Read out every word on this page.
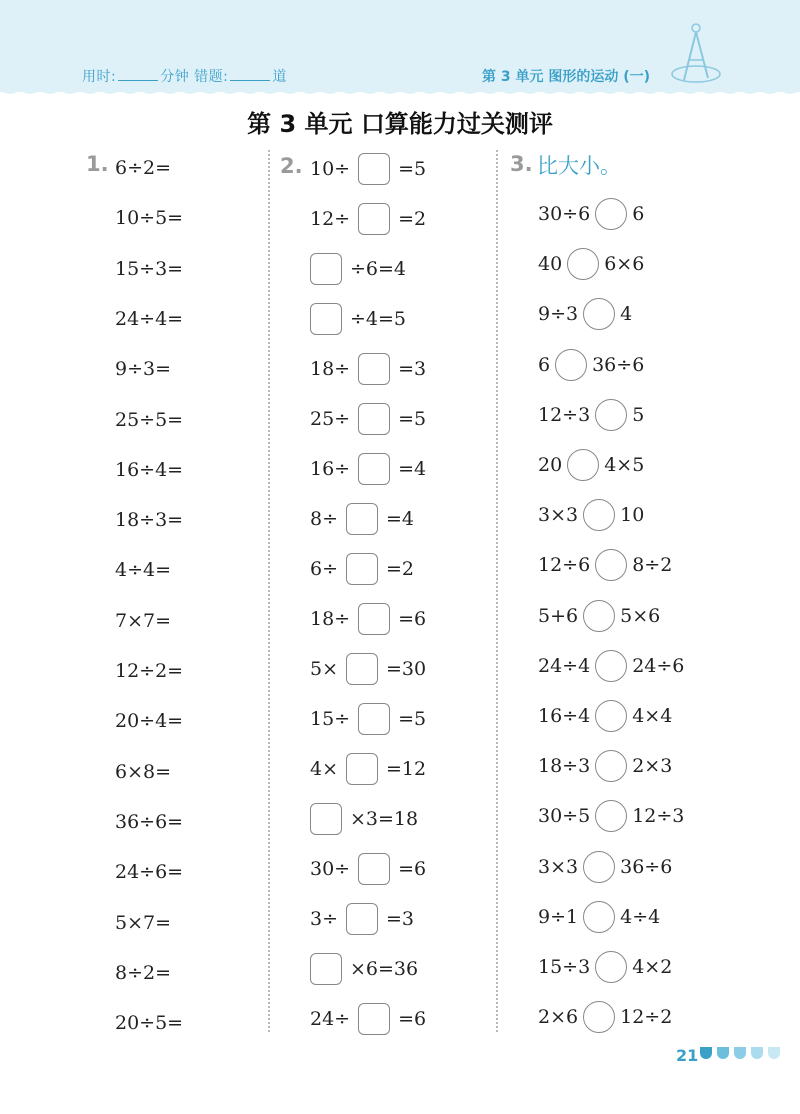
用时:	分钟 错题:	道	第 3 单元 图形的运动 (一)
第 3 单元 口算能力过关测评
1.	2.	3. 比大小。
6÷2=
10÷5=
15÷3=
24÷4=
9÷3=
25÷5=
16÷4=
18÷3=
4÷4=
7×7=
12÷2=
20÷4=
6×8=
36÷6=
24÷6=
5×7=
8÷2=
20÷5=
10÷	=5
12÷	=2
÷6=4
÷4=5
18÷	=3
25÷	=5
16÷	=4
8÷	=4
6÷	=2
18÷	=6
5×	=30
15÷	=5
4×	=12
×3=18
30÷	=6
3÷	=3
×6=36
24÷	=6
30÷6 6
40 6×6
9÷3 4
6 36÷6
12÷3 5
20 4×5
3×3 10
12÷6 8÷2
5+6 5×6
24÷4 24÷6
16÷4 4×4
18÷3 2×3
30÷5 12÷3
3×3 36÷6
9÷1 4÷4
15÷3 4×2
2×6 12÷2
21
